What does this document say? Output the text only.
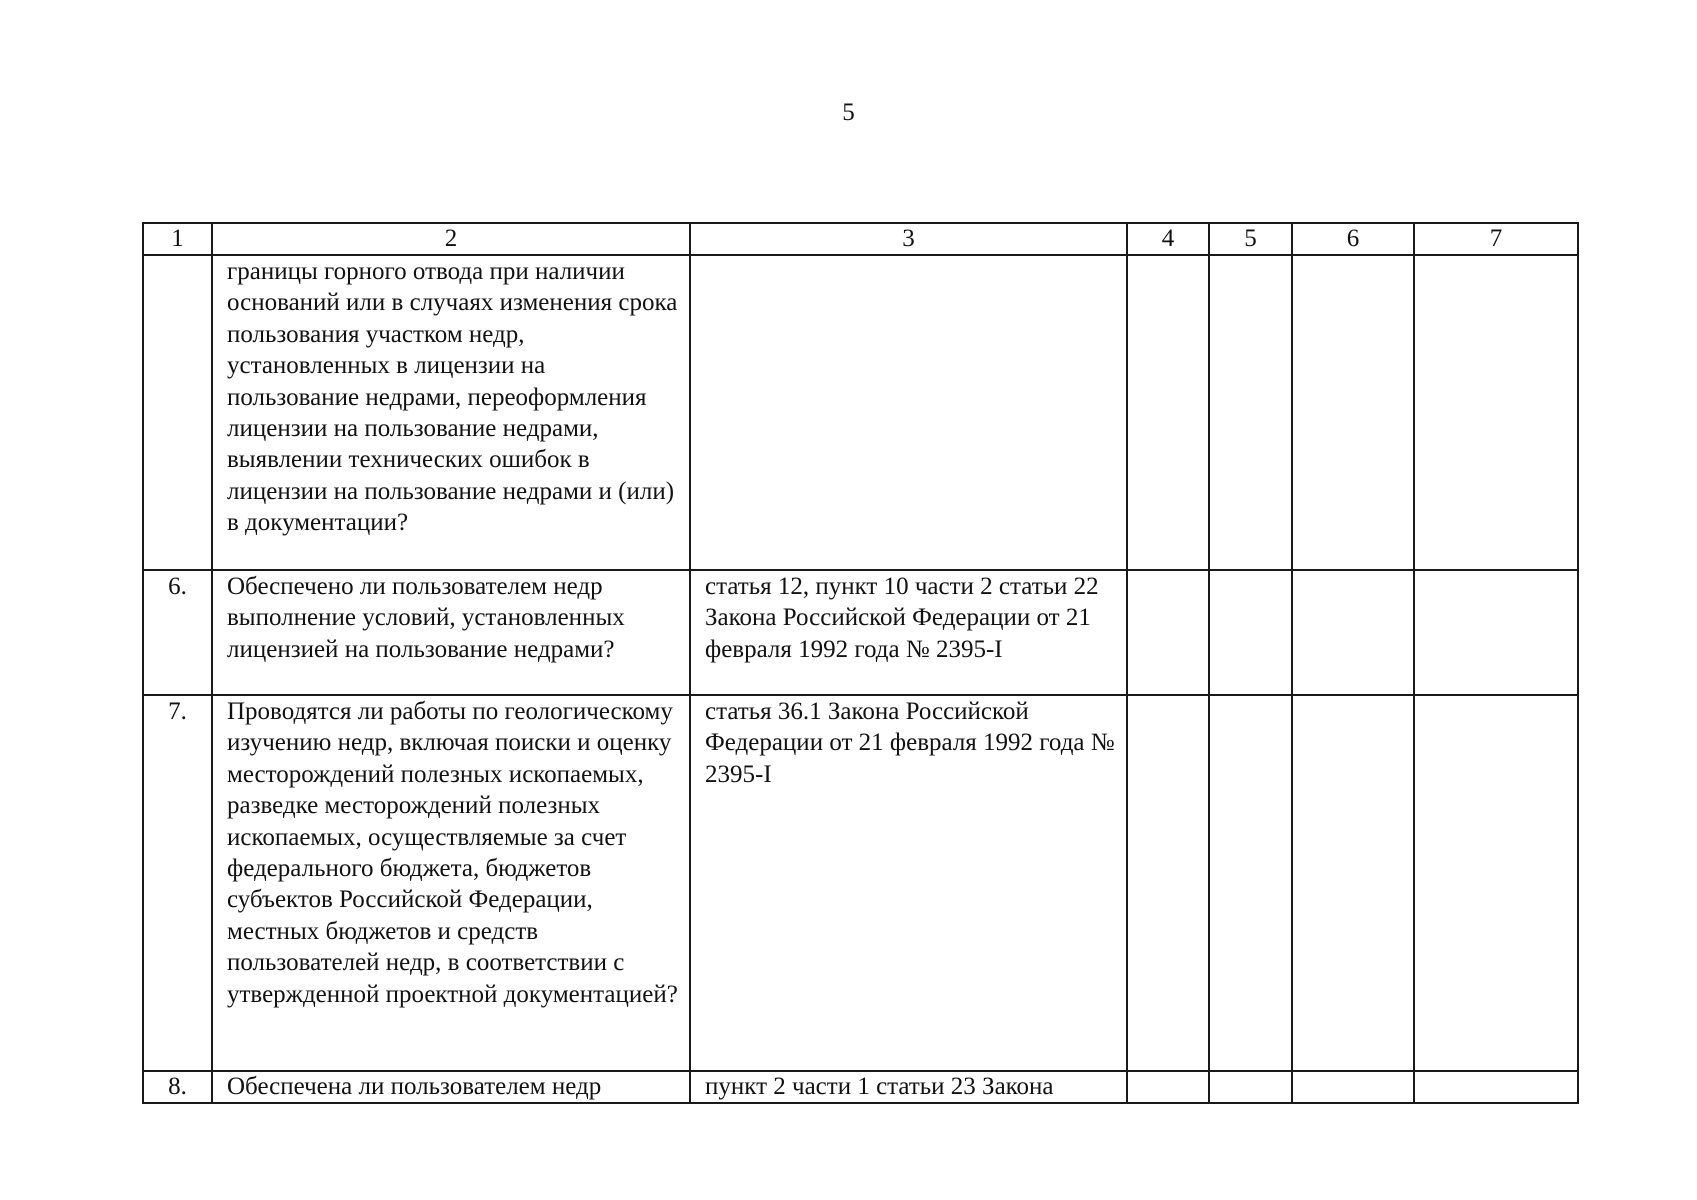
5
1	2	3	4	5	6	7
	границы горного отвода при наличии оснований или в случаях изменения срока пользования участком недр, установленных в лицензии на пользование недрами, переоформления лицензии на пользование недрами, выявлении технических ошибок в лицензии на пользование недрами и (или) в документации?					
6.	Обеспечено ли пользователем недр выполнение условий, установленных лицензией на пользование недрами?	статья 12, пункт 10 части 2 статьи 22 Закона Российской Федерации от 21 февраля 1992 года № 2395-I				
7.	Проводятся ли работы по геологическому изучению недр, включая поиски и оценку месторождений полезных ископаемых, разведке месторождений полезных ископаемых, осуществляемые за счет федерального бюджета, бюджетов субъектов Российской Федерации, местных бюджетов и средств пользователей недр, в соответствии с утвержденной проектной документацией?	статья 36.1 Закона Российской Федерации от 21 февраля 1992 года № 2395-I				
8.	Обеспечена ли пользователем недр	пункт 2 части 1 статьи 23 Закона				
